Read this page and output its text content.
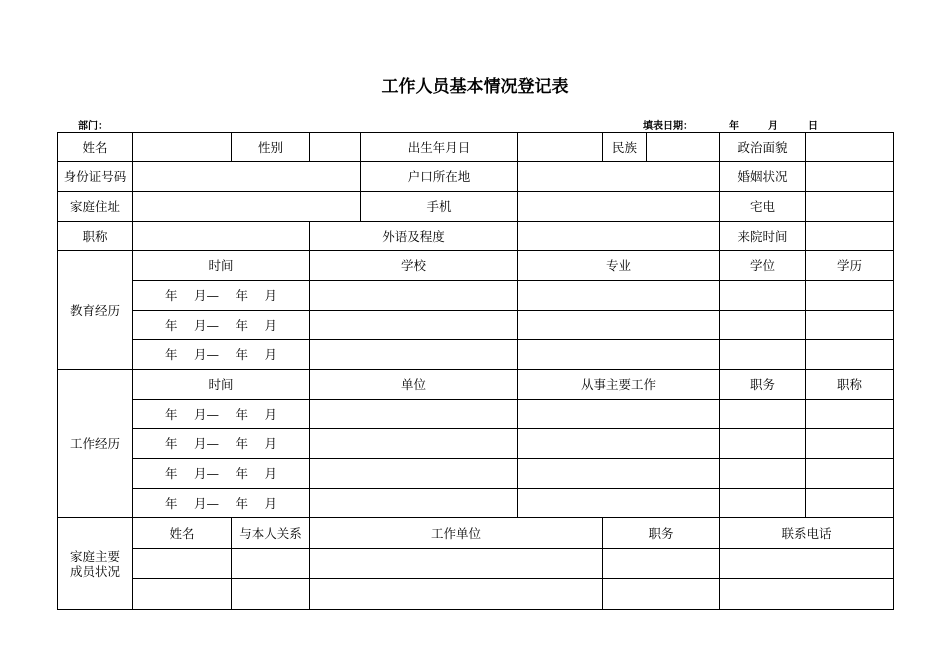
工作人员基本情况登记表
部门：	填表日期：	年	月	日
姓名		性别		出生年月日		民族		政治面貌		
身份证号码				户口所在地				婚姻状况		
家庭住址				手机				宅电		
职称			外语及程度					来院时间		
教育经历	时间		学校		专业			学位	学历	
	年　 月—　 年　 月									
	年　 月—　 年　 月									
	年　 月—　 年　 月									
工作经历	时间		单位		从事主要工作			职务	职称	
	年　 月—　 年　 月									
	年　 月—　 年　 月									
	年　 月—　 年　 月									
	年　 月—　 年　 月									

家庭主要成员状况	姓名	与本人关系	工作单位			职务		联系电话	
